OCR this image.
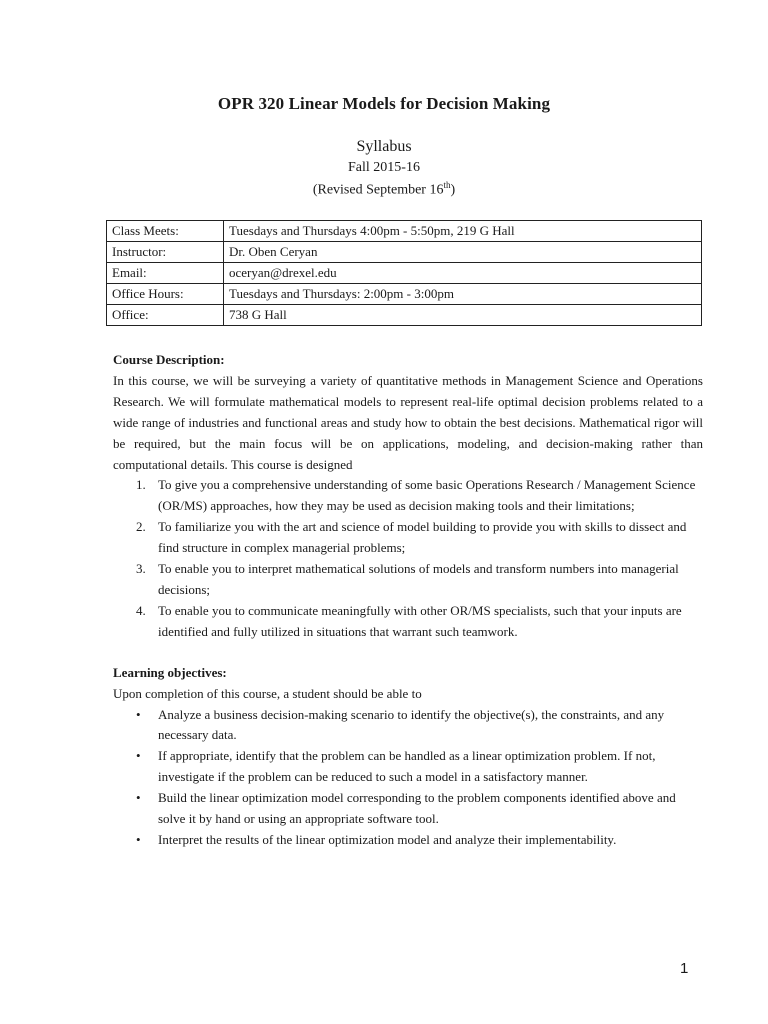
OPR 320 Linear Models for Decision Making
Syllabus
Fall 2015-16
(Revised September 16th)
Class Meets:	Tuesdays and Thursdays 4:00pm - 5:50pm, 219 G Hall
Instructor:	Dr. Oben Ceryan
Email:	oceryan@drexel.edu
Office Hours:	Tuesdays and Thursdays: 2:00pm - 3:00pm
Office:	738 G Hall

Course Description:

In this course, we will be surveying a variety of quantitative methods in Management Science and Operations Research. We will formulate mathematical models to represent real-life optimal decision problems related to a wide range of industries and functional areas and study how to obtain the best decisions. Mathematical rigor will be required, but the main focus will be on applications, modeling, and decision-making rather than computational details. This course is designed

1. To give you a comprehensive understanding of some basic Operations Research / Management Science (OR/MS) approaches, how they may be used as decision making tools and their limitations;
2. To familiarize you with the art and science of model building to provide you with skills to dissect and find structure in complex managerial problems;
3. To enable you to interpret mathematical solutions of models and transform numbers into managerial decisions;
4. To enable you to communicate meaningfully with other OR/MS specialists, such that your inputs are identified and fully utilized in situations that warrant such teamwork.

Learning objectives:

Upon completion of this course, a student should be able to

• Analyze a business decision-making scenario to identify the objective(s), the constraints, and any necessary data.
• If appropriate, identify that the problem can be handled as a linear optimization problem. If not, investigate if the problem can be reduced to such a model in a satisfactory manner.
• Build the linear optimization model corresponding to the problem components identified above and solve it by hand or using an appropriate software tool.
• Interpret the results of the linear optimization model and analyze their implementability.
1
